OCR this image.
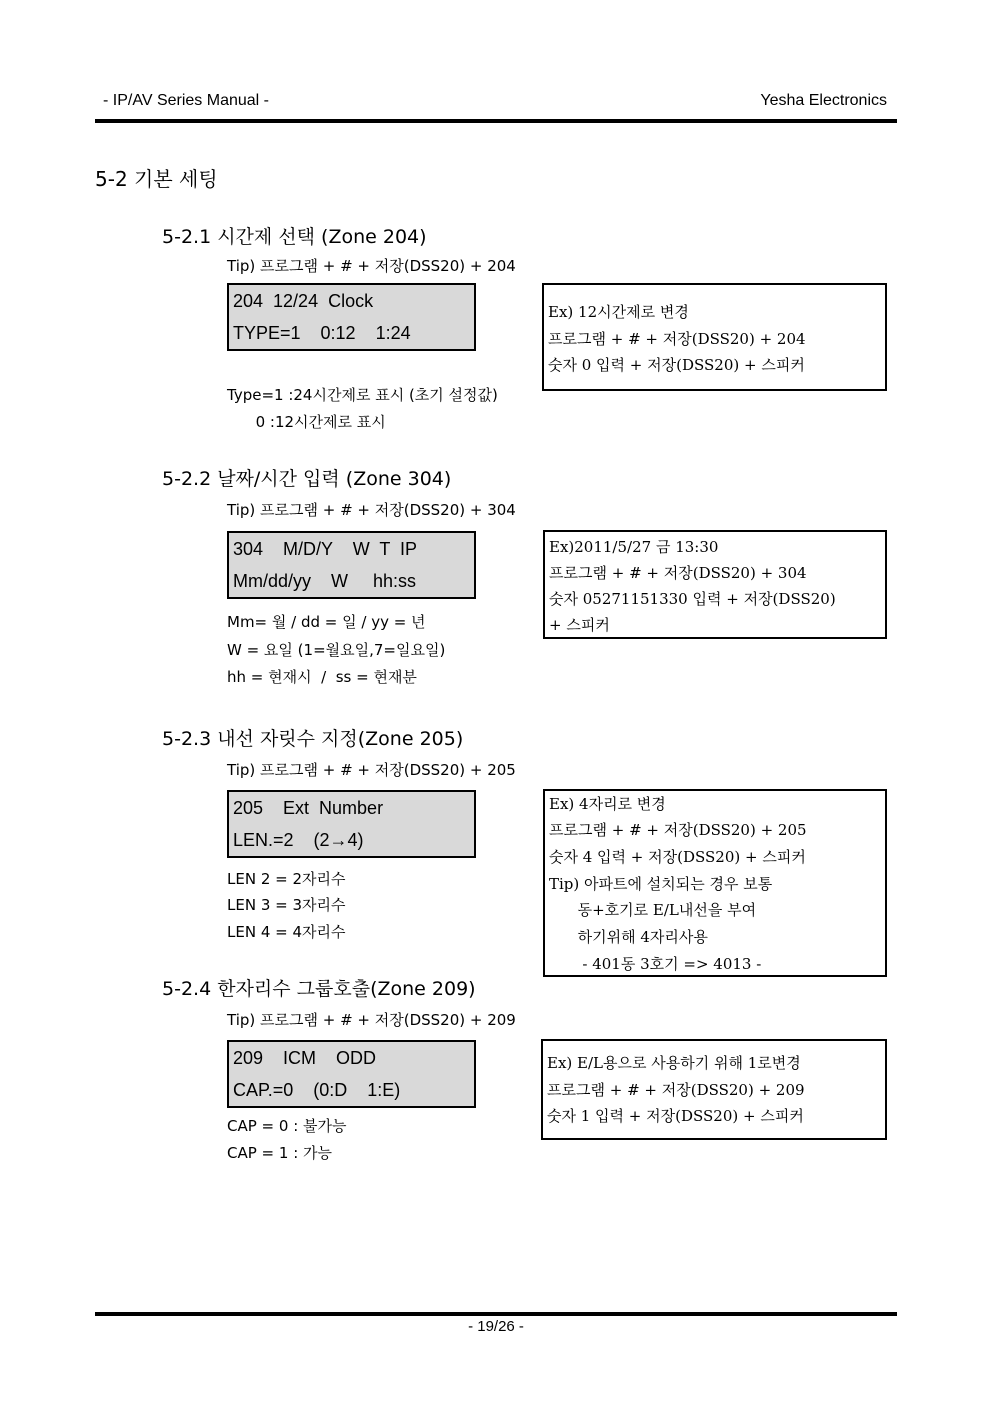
- IP/AV Series Manual -	Yesha Electronics
5-2 기본 세팅
5-2.1 시간제 선택 (Zone 204)
Tip) 프로그램 + # + 저장(DSS20) + 204
204  12/24  Clock
TYPE=1    0:12    1:24
Ex) 12시간제로 변경
프로그램 + # + 저장(DSS20) + 204
숫자 0 입력 + 저장(DSS20) + 스피커
Type=1 :24시간제로 표시 (초기 설정값)
0 :12시간제로 표시
5-2.2 날짜/시간 입력 (Zone 304)
Tip) 프로그램 + # + 저장(DSS20) + 304
304    M/D/Y    W  T  IP
Mm/dd/yy    W     hh:ss
Ex)2011/5/27 금 13:30
프로그램 + # + 저장(DSS20) + 304
숫자 05271151330 입력 + 저장(DSS20)
+ 스피커
Mm= 월 / dd = 일 / yy = 년
W = 요일 (1=월요일,7=일요일)
hh = 현재시  /  ss = 현재분
5-2.3 내선 자릿수 지정(Zone 205)
Tip) 프로그램 + # + 저장(DSS20) + 205
205    Ext  Number
LEN.=2    (2→4)
Ex) 4자리로 변경
프로그램 + # + 저장(DSS20) + 205
숫자 4 입력 + 저장(DSS20) + 스피커
Tip) 아파트에 설치되는 경우 보통
동+호기로 E/L내선을 부여
하기위해 4자리사용
- 401동 3호기 => 4013 -
LEN 2 = 2자리수
LEN 3 = 3자리수
LEN 4 = 4자리수
5-2.4 한자리수 그룹호출(Zone 209)
Tip) 프로그램 + # + 저장(DSS20) + 209
209    ICM    ODD
CAP.=0    (0:D    1:E)
Ex) E/L용으로 사용하기 위해 1로변경
프로그램 + # + 저장(DSS20) + 209
숫자 1 입력 + 저장(DSS20) + 스피커
CAP = 0 : 불가능
CAP = 1 : 가능
- 19/26 -
